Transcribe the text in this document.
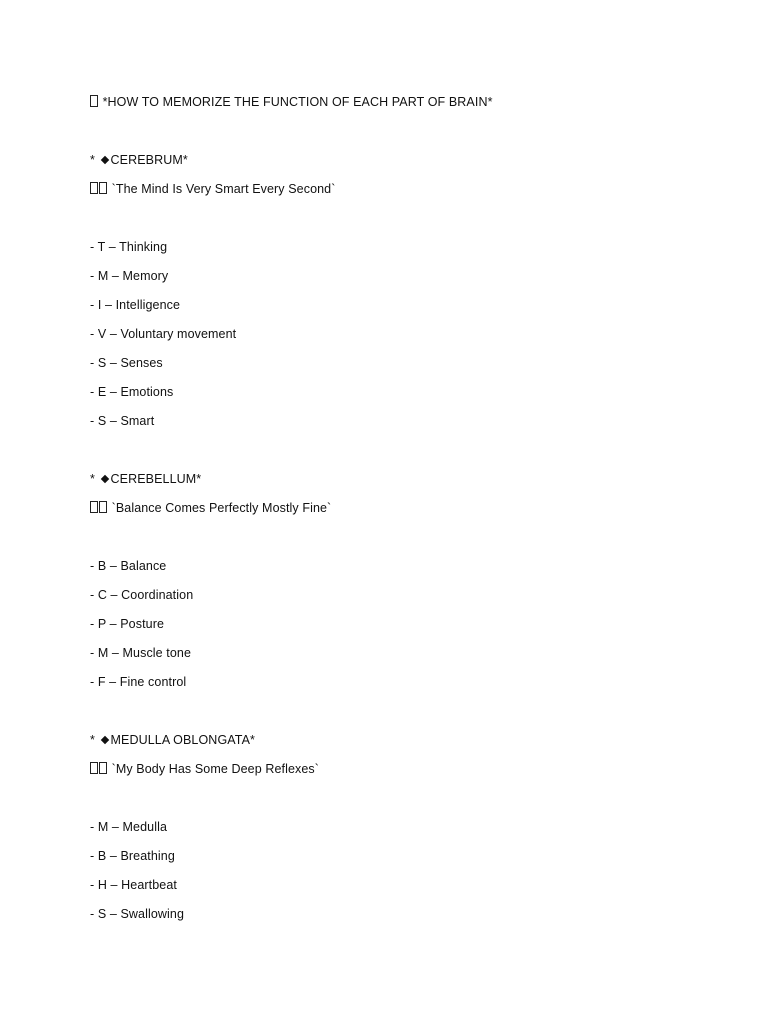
*HOW TO MEMORIZE THE FUNCTION OF EACH PART OF BRAIN*
* CEREBRUM*
`The Mind Is Very Smart Every Second`
- T – Thinking
- M – Memory
- I – Intelligence
- V – Voluntary movement
- S – Senses
- E – Emotions
- S – Smart
* CEREBELLUM*
`Balance Comes Perfectly Mostly Fine`
- B – Balance
- C – Coordination
- P – Posture
- M – Muscle tone
- F – Fine control
* MEDULLA OBLONGATA*
`My Body Has Some Deep Reflexes`
- M – Medulla
- B – Breathing
- H – Heartbeat
- S – Swallowing
